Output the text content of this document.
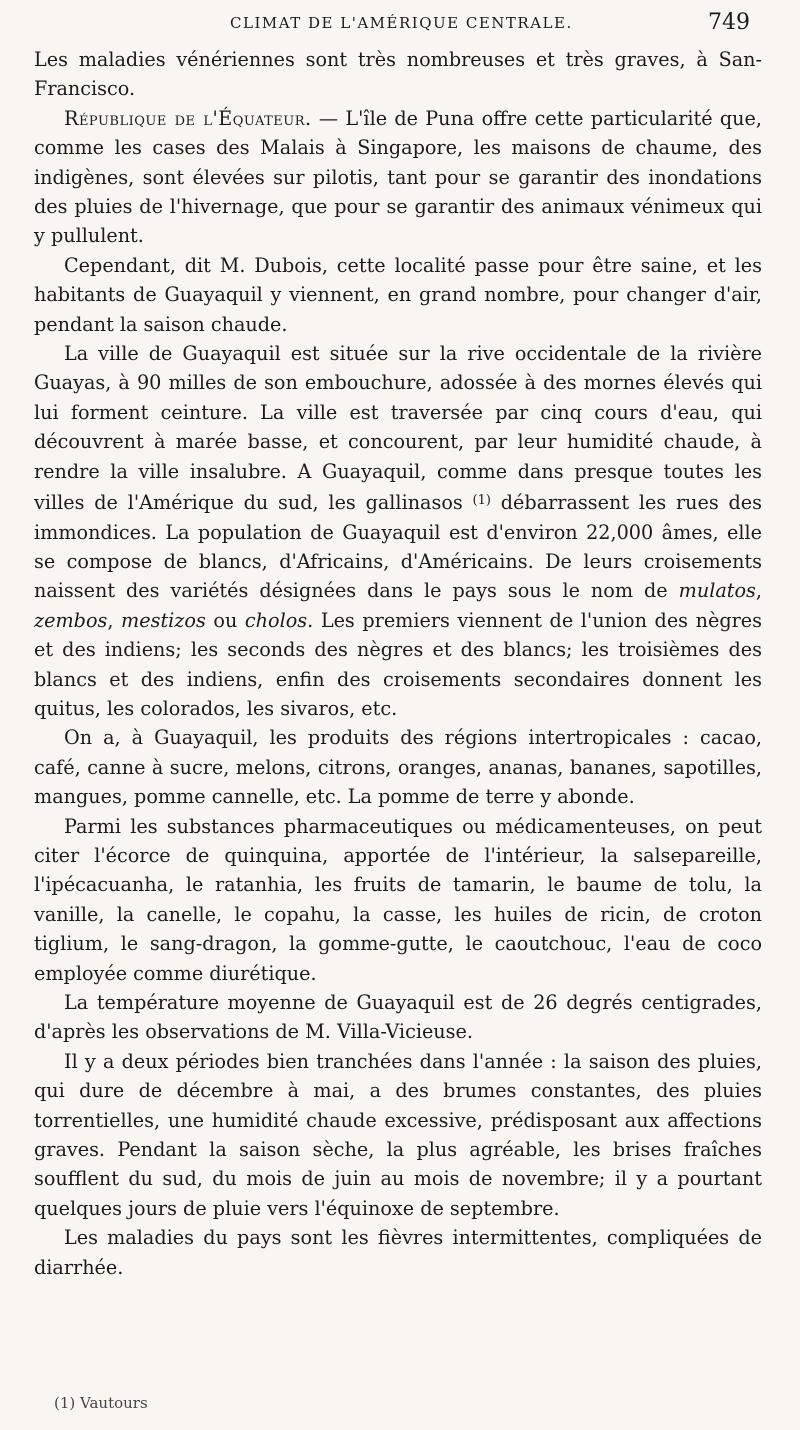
CLIMAT DE L'AMÉRIQUE CENTRALE.	749

Les maladies vénériennes sont très nombreuses et très graves, à San-Francisco.

République de l'Équateur. — L'île de Puna offre cette particularité que, comme les cases des Malais à Singapore, les maisons de chaume, des indigènes, sont élevées sur pilotis, tant pour se garantir des inondations des pluies de l'hivernage, que pour se garantir des animaux vénimeux qui y pullulent.

Cependant, dit M. Dubois, cette localité passe pour être saine, et les habitants de Guayaquil y viennent, en grand nombre, pour changer d'air, pendant la saison chaude.

La ville de Guayaquil est située sur la rive occidentale de la rivière Guayas, à 90 milles de son embouchure, adossée à des mornes élevés qui lui forment ceinture. La ville est traversée par cinq cours d'eau, qui découvrent à marée basse, et concourent, par leur humidité chaude, à rendre la ville insalubre. A Guayaquil, comme dans presque toutes les villes de l'Amérique du sud, les gallinasos $^{(1)}$ débarrassent les rues des immondices. La population de Guayaquil est d'environ 22,000 âmes, elle se compose de blancs, d'Africains, d'Américains. De leurs croisements naissent des variétés désignées dans le pays sous le nom de mulatos, zembos, mestizos ou cholos. Les premiers viennent de l'union des nègres et des indiens; les seconds des nègres et des blancs; les troisièmes des blancs et des indiens, enfin des croisements secondaires donnent les quitus, les colorados, les sivaros, etc.

On a, à Guayaquil, les produits des régions intertropicales : cacao, café, canne à sucre, melons, citrons, oranges, ananas, bananes, sapotilles, mangues, pomme cannelle, etc. La pomme de terre y abonde.

Parmi les substances pharmaceutiques ou médicamenteuses, on peut citer l'écorce de quinquina, apportée de l'intérieur, la salsepareille, l'ipécacuanha, le ratanhia, les fruits de tamarin, le baume de tolu, la vanille, la canelle, le copahu, la casse, les huiles de ricin, de croton tiglium, le sang-dragon, la gomme-gutte, le caoutchouc, l'eau de coco employée comme diurétique.

La température moyenne de Guayaquil est de 26 degrés centigrades, d'après les observations de M. Villa-Vicieuse.

Il y a deux périodes bien tranchées dans l'année : la saison des pluies, qui dure de décembre à mai, a des brumes constantes, des pluies torrentielles, une humidité chaude excessive, prédisposant aux affections graves. Pendant la saison sèche, la plus agréable, les brises fraîches soufflent du sud, du mois de juin au mois de novembre; il y a pourtant quelques jours de pluie vers l'équinoxe de septembre.

Les maladies du pays sont les fièvres intermittentes, compliquées de diarrhée.

(1) Vautours
